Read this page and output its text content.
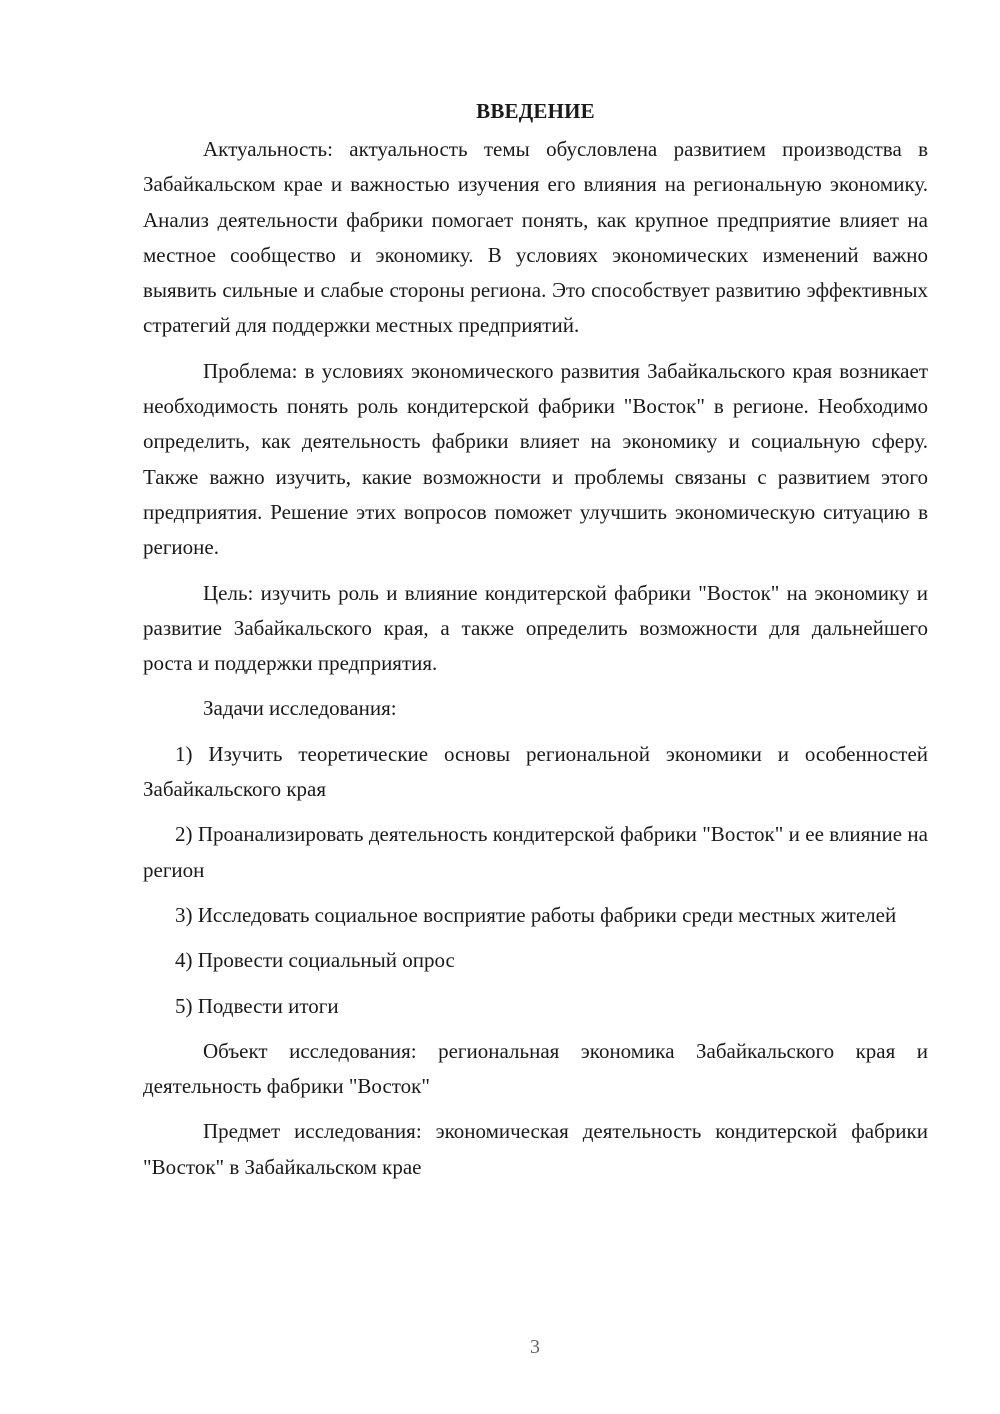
ВВЕДЕНИЕ

Актуальность: актуальность темы обусловлена развитием производства в Забайкальском крае и важностью изучения его влияния на региональную экономику. Анализ деятельности фабрики помогает понять, как крупное предприятие влияет на местное сообщество и экономику. В условиях экономических изменений важно выявить сильные и слабые стороны региона. Это способствует развитию эффективных стратегий для поддержки местных предприятий.

Проблема: в условиях экономического развития Забайкальского края возникает необходимость понять роль кондитерской фабрики "Восток" в регионе. Необходимо определить, как деятельность фабрики влияет на экономику и социальную сферу. Также важно изучить, какие возможности и проблемы связаны с развитием этого предприятия. Решение этих вопросов поможет улучшить экономическую ситуацию в регионе.

Цель: изучить роль и влияние кондитерской фабрики "Восток" на экономику и развитие Забайкальского края, а также определить возможности для дальнейшего роста и поддержки предприятия.

Задачи исследования:

1) Изучить теоретические основы региональной экономики и особенностей Забайкальского края

2) Проанализировать деятельность кондитерской фабрики "Восток" и ее влияние на регион

3) Исследовать социальное восприятие работы фабрики среди местных жителей

4) Провести социальный опрос

5) Подвести итоги

Объект исследования: региональная экономика Забайкальского края и деятельность фабрики "Восток"

Предмет исследования: экономическая деятельность кондитерской фабрики "Восток" в Забайкальском крае

3
